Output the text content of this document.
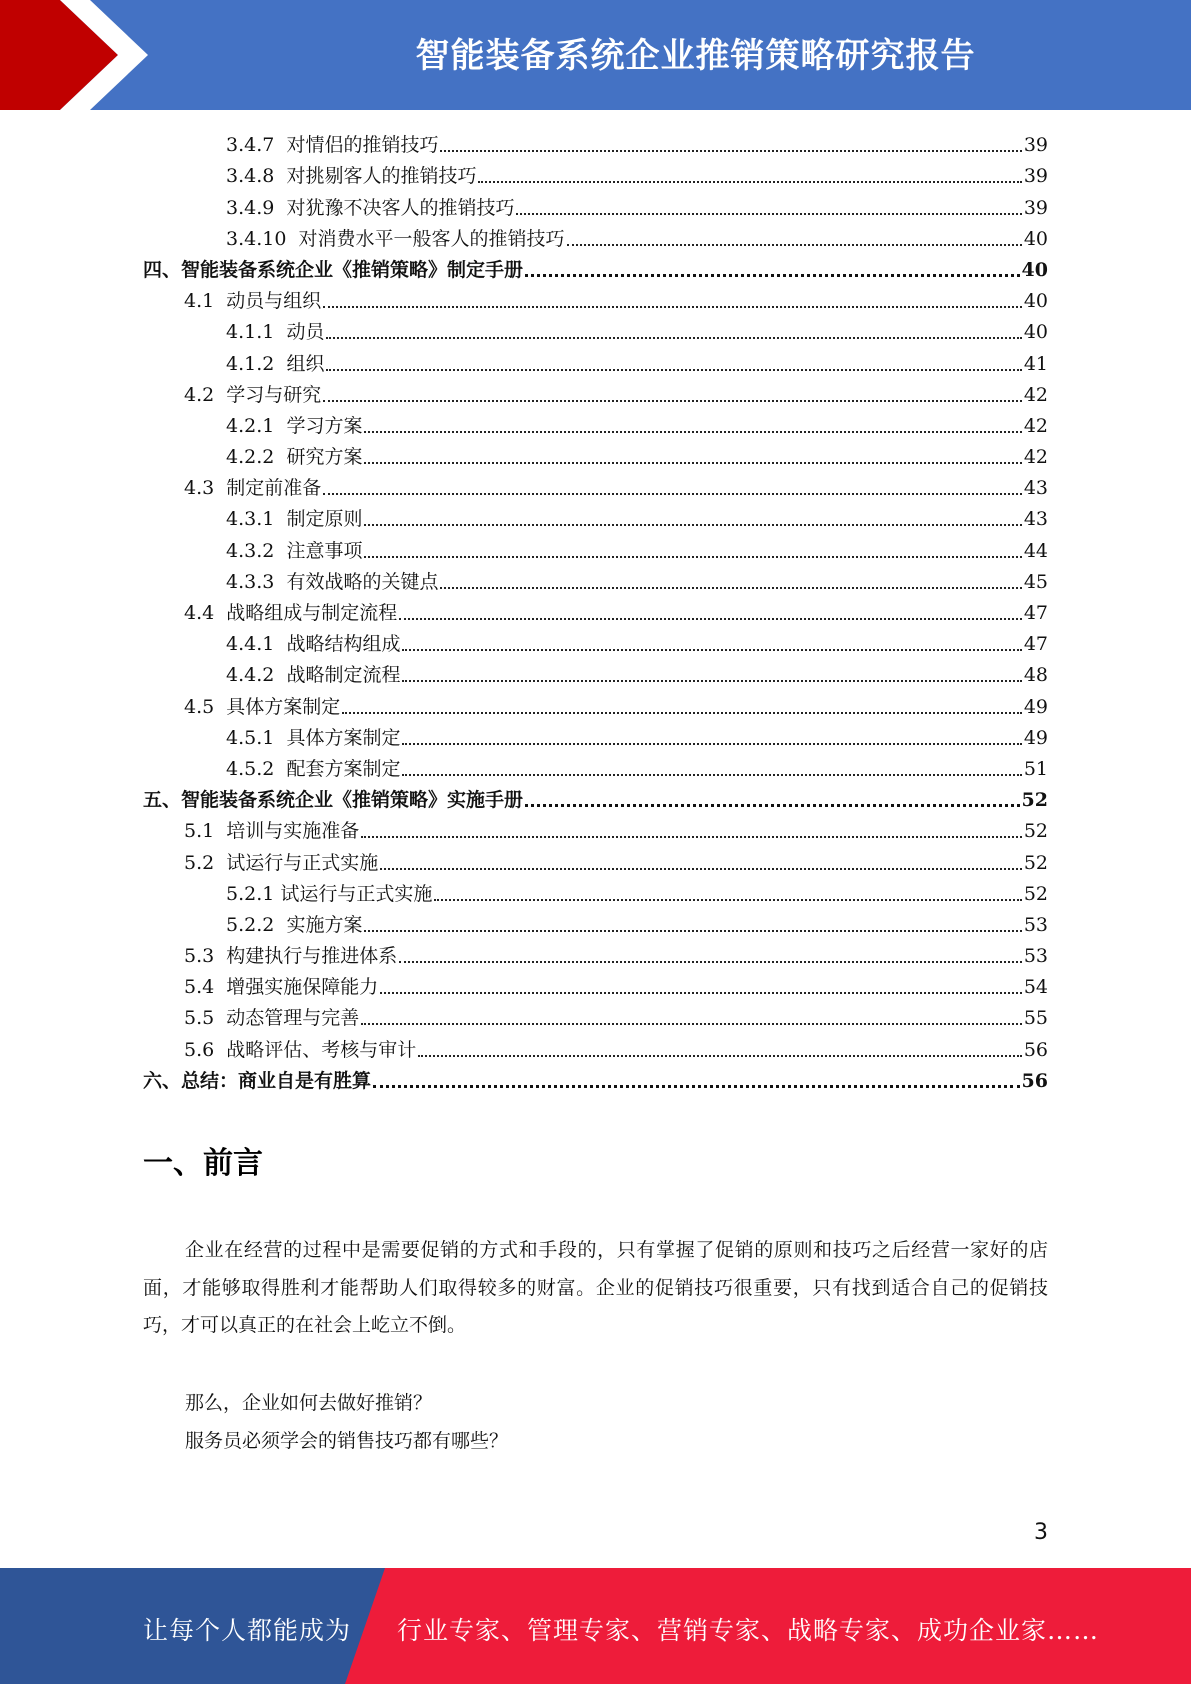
智能装备系统企业推销策略研究报告
3.4.7 对情侣的推销技巧	39
3.4.8 对挑剔客人的推销技巧	39
3.4.9 对犹豫不决客人的推销技巧	39
3.4.10 对消费水平一般客人的推销技巧	40
四、智能装备系统企业《推销策略》制定手册	40
4.1 动员与组织	40
4.1.1 动员	40
4.1.2 组织	41
4.2 学习与研究	42
4.2.1 学习方案	42
4.2.2 研究方案	42
4.3 制定前准备	43
4.3.1 制定原则	43
4.3.2 注意事项	44
4.3.3 有效战略的关键点	45
4.4 战略组成与制定流程	47
4.4.1 战略结构组成	47
4.4.2 战略制定流程	48
4.5 具体方案制定	49
4.5.1 具体方案制定	49
4.5.2 配套方案制定	51
五、智能装备系统企业《推销策略》实施手册	52
5.1 培训与实施准备	52
5.2 试运行与正式实施	52
5.2.1 试运行与正式实施	52
5.2.2 实施方案	53
5.3 构建执行与推进体系	53
5.4 增强实施保障能力	54
5.5 动态管理与完善	55
5.6 战略评估、考核与审计	56
六、总结：商业自是有胜算	56
一、前言
企业在经营的过程中是需要促销的方式和手段的，只有掌握了促销的原则和技巧之后经营一家好的店面，才能够取得胜利才能帮助人们取得较多的财富。企业的促销技巧很重要，只有找到适合自己的促销技巧，才可以真正的在社会上屹立不倒。
那么，企业如何去做好推销？
服务员必须学会的销售技巧都有哪些？
3
让每个人都能成为 行业专家、管理专家、营销专家、战略专家、成功企业家……
